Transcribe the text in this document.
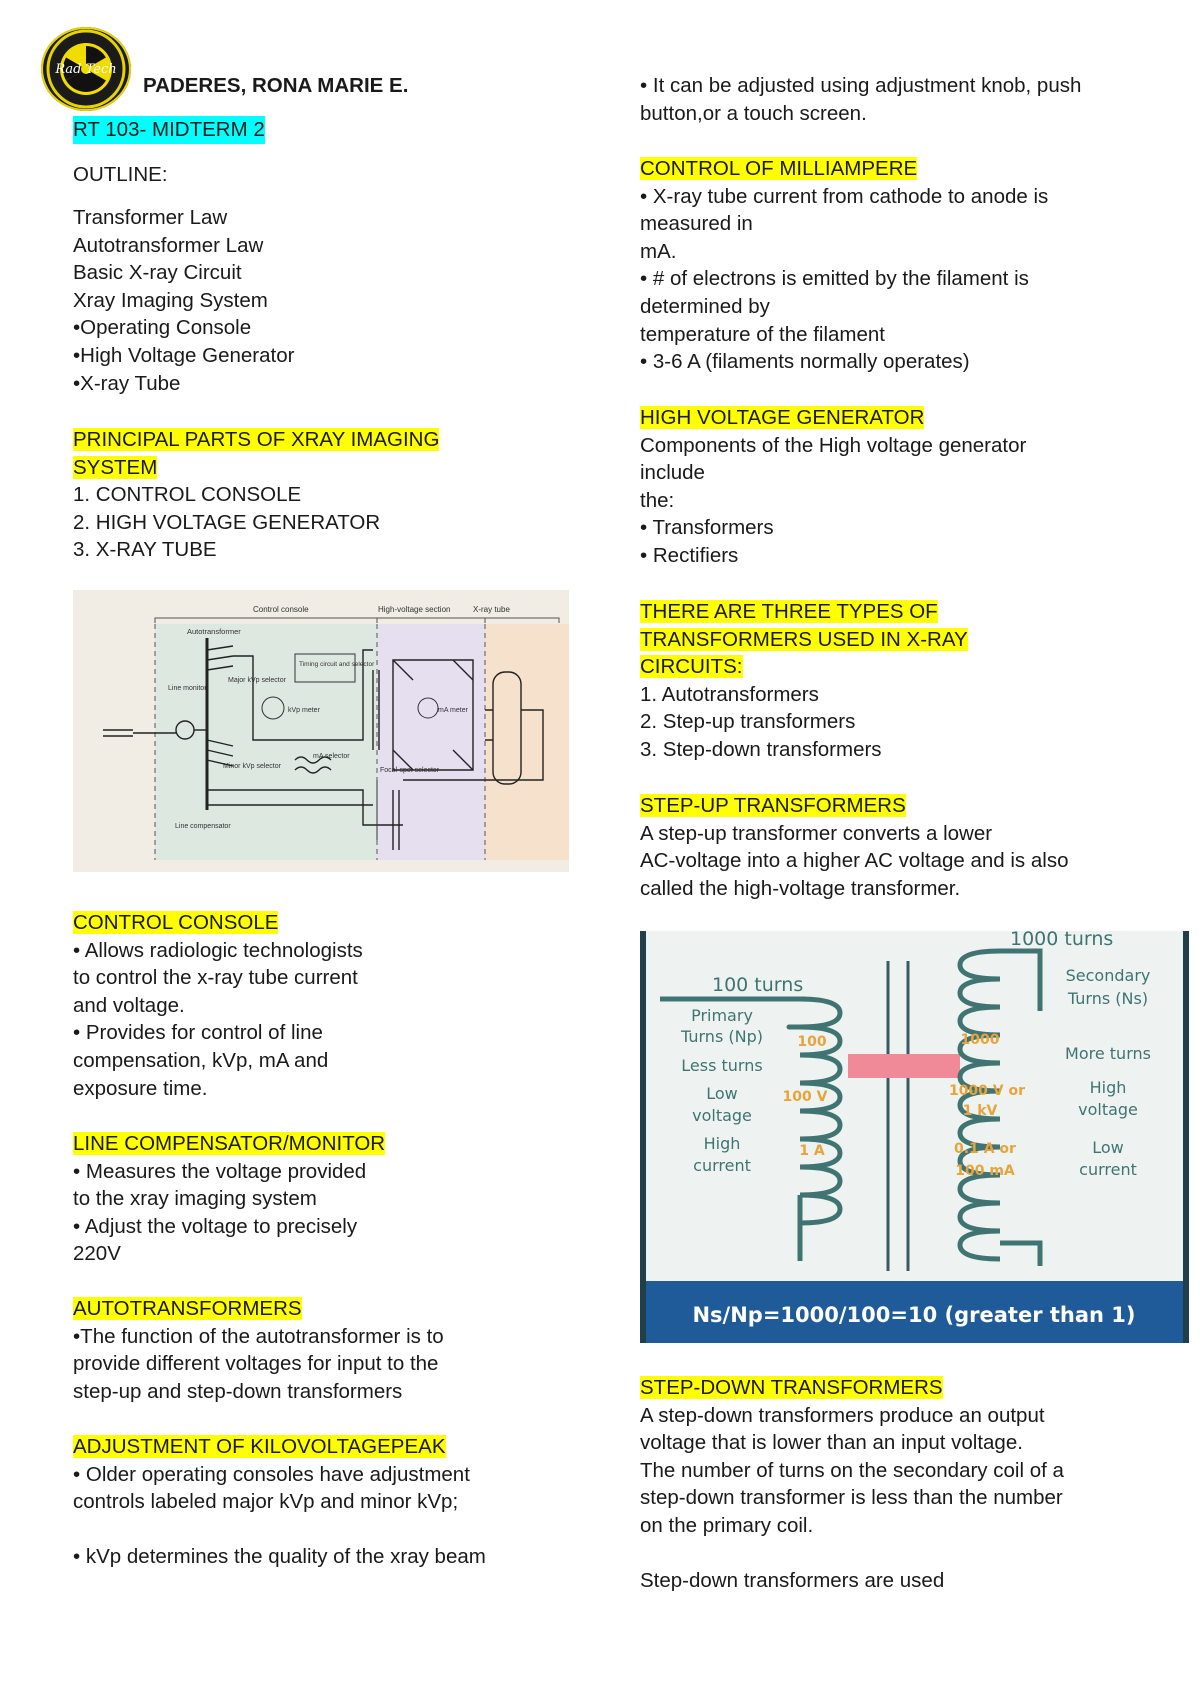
Rad Tech
PADERES, RONA MARIE E.
RT 103- MIDTERM 2
OUTLINE:
Transformer Law
Autotransformer Law
Basic X-ray Circuit
Xray Imaging System
•Operating Console
•High Voltage Generator
•X-ray Tube
PRINCIPAL PARTS OF XRAY IMAGING
SYSTEM
1. CONTROL CONSOLE
2. HIGH VOLTAGE GENERATOR
3. X-RAY TUBE
CONTROL CONSOLE
• Allows radiologic technologists
to control the x-ray tube current
and voltage.
• Provides for control of line
compensation, kVp, mA and
exposure time.
LINE COMPENSATOR/MONITOR
• Measures the voltage provided
to the xray imaging system
• Adjust the voltage to precisely
220V
AUTOTRANSFORMERS
•The function of the autotransformer is to
provide different voltages for input to the
step-up and step-down transformers
ADJUSTMENT OF KILOVOLTAGEPEAK
• Older operating consoles have adjustment
controls labeled major kVp and minor kVp;

• kVp determines the quality of the xray beam
Control console	High-voltage section	X-ray tube
Autotransformer
Line monitor
Major kVp selector
Timing circuit and selector
kVp meter	mA meter
Minor kVp selector
mA selector
Focal-spot selector
Line compensator
• It can be adjusted using adjustment knob, push
button,or a touch screen.
CONTROL OF MILLIAMPERE
• X-ray tube current from cathode to anode is
measured in
mA.
• # of electrons is emitted by the filament is
determined by
temperature of the filament
• 3-6 A (filaments normally operates)
HIGH VOLTAGE GENERATOR
Components of the High voltage generator
include
the:
• Transformers
• Rectifiers
THERE ARE THREE TYPES OF
TRANSFORMERS USED IN X-RAY
CIRCUITS:
1. Autotransformers
2. Step-up transformers
3. Step-down transformers
STEP-UP TRANSFORMERS
A step-up transformer converts a lower
AC-voltage into a higher AC voltage and is also
called the high-voltage transformer.
STEP-DOWN TRANSFORMERS
A step-down transformers produce an output
voltage that is lower than an input voltage.
The number of turns on the secondary coil of a
step-down transformer is less than the number
on the primary coil.

Step-down transformers are used
100 turns
1000 turns
Primary
Turns (Np)
Less turns
Low
voltage
High
current
Secondary
Turns (Ns)
More turns
High
voltage
Low
current
100
100 V
1 A
1000
1000 V or
1 kV
0.1 A or
100 mA
Ns/Np=1000/100=10 (greater than 1)
